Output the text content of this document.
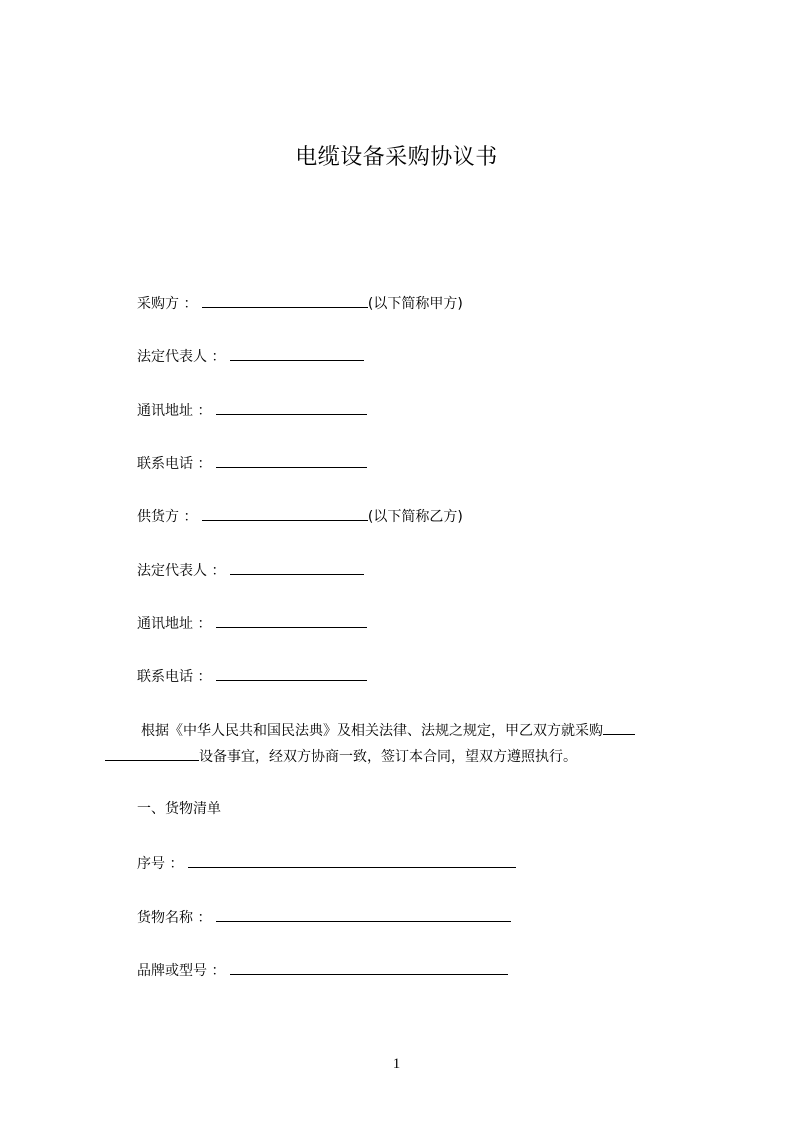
电缆设备采购协议书
采购方 ：	(以下简称甲方)
法定代表人 ：
通讯地址 ：
联系电话 ：
供货方 ：	(以下简称乙方)
法定代表人 ：
通讯地址 ：
联系电话 ：
根据《中华人民共和国民法典》及相关法律、法规之规定，甲乙双方就采购
设备事宜，经双方协商一致，签订本合同，望双方遵照执行。
一、货物清单
序号 ：
货物名称 ：
品牌或型号 ：
1
